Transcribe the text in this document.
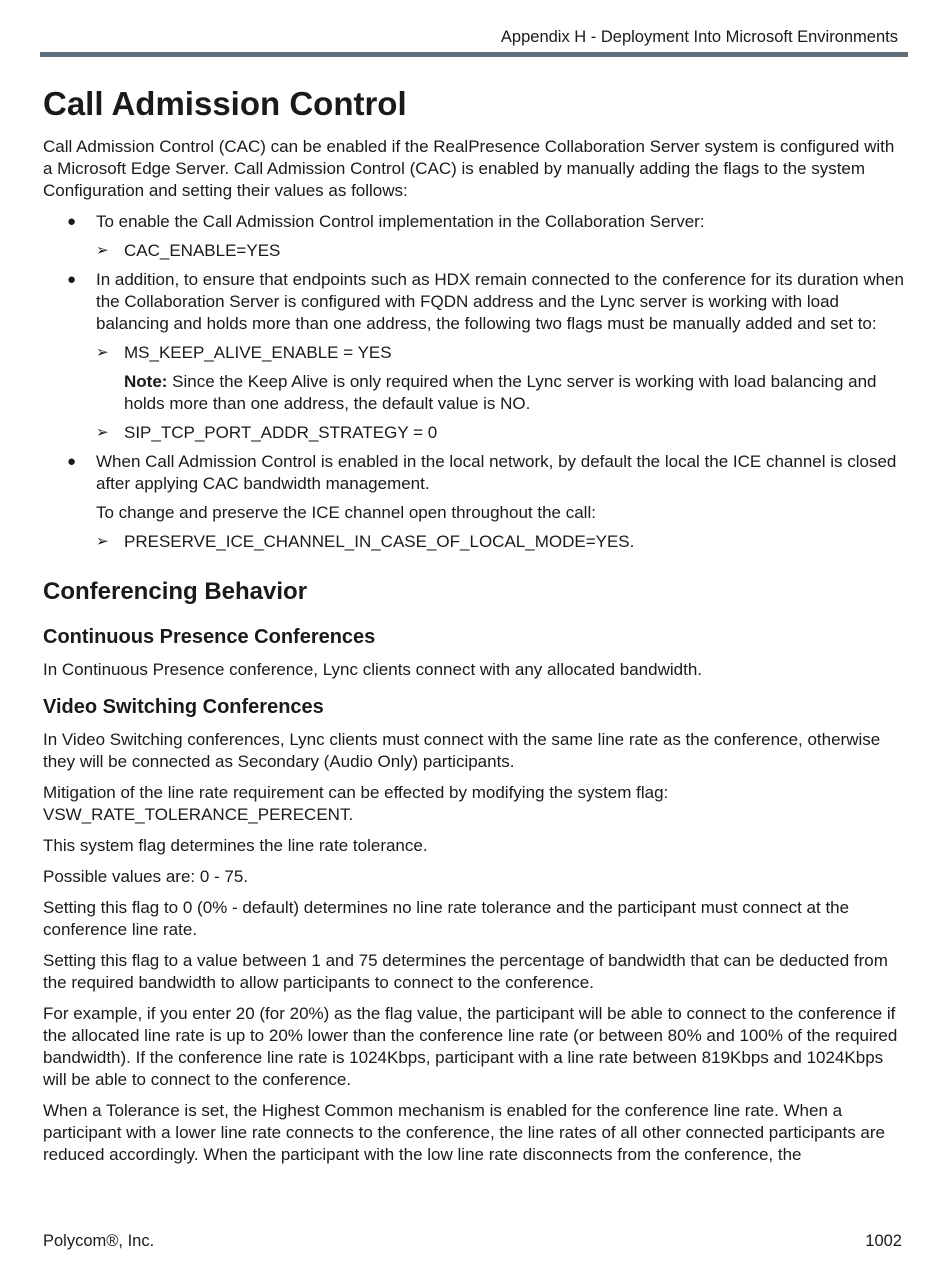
Appendix H - Deployment Into Microsoft Environments
Call Admission Control

Call Admission Control (CAC) can be enabled if the RealPresence Collaboration Server system is configured with a Microsoft Edge Server. Call Admission Control (CAC) is enabled by manually adding the flags to the system Configuration and setting their values as follows:

● To enable the Call Admission Control implementation in the Collaboration Server:
➢ CAC_ENABLE=YES
● In addition, to ensure that endpoints such as HDX remain connected to the conference for its duration when the Collaboration Server is configured with FQDN address and the Lync server is working with load balancing and holds more than one address, the following two flags must be manually added and set to:
➢ MS_KEEP_ALIVE_ENABLE = YES
Note: Since the Keep Alive is only required when the Lync server is working with load balancing and holds more than one address, the default value is NO.
➢ SIP_TCP_PORT_ADDR_STRATEGY = 0
● When Call Admission Control is enabled in the local network, by default the local the ICE channel is closed after applying CAC bandwidth management.
To change and preserve the ICE channel open throughout the call:
➢ PRESERVE_ICE_CHANNEL_IN_CASE_OF_LOCAL_MODE=YES.
Conferencing Behavior
Continuous Presence Conferences

In Continuous Presence conference, Lync clients connect with any allocated bandwidth.

Video Switching Conferences

In Video Switching conferences, Lync clients must connect with the same line rate as the conference, otherwise they will be connected as Secondary (Audio Only) participants.

Mitigation of the line rate requirement can be effected by modifying the system flag: VSW_RATE_TOLERANCE_PERECENT.

This system flag determines the line rate tolerance.

Possible values are: 0 - 75.

Setting this flag to 0 (0% - default) determines no line rate tolerance and the participant must connect at the conference line rate.

Setting this flag to a value between 1 and 75 determines the percentage of bandwidth that can be deducted from the required bandwidth to allow participants to connect to the conference.

For example, if you enter 20 (for 20%) as the flag value, the participant will be able to connect to the conference if the allocated line rate is up to 20% lower than the conference line rate (or between 80% and 100% of the required bandwidth). If the conference line rate is 1024Kbps, participant with a line rate between 819Kbps and 1024Kbps will be able to connect to the conference.

When a Tolerance is set, the Highest Common mechanism is enabled for the conference line rate. When a participant with a lower line rate connects to the conference, the line rates of all other connected participants are reduced accordingly. When the participant with the low line rate disconnects from the conference, the

Polycom®, Inc.	1002
